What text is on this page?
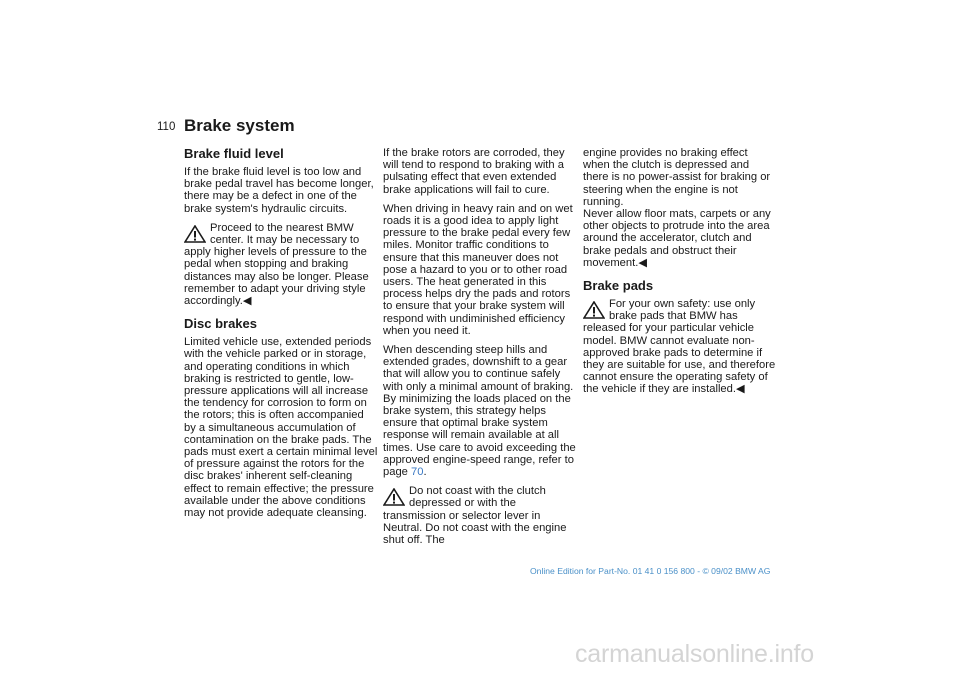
110 Brake system
Brake fluid level

If the brake fluid level is too low and brake pedal travel has become longer, there may be a defect in one of the brake system's hydraulic circuits.

Proceed to the nearest BMW center. It may be necessary to apply higher levels of pressure to the pedal when stopping and braking distances may also be longer. Please remember to adapt your driving style accordingly.◀
Disc brakes

Limited vehicle use, extended periods with the vehicle parked or in storage, and operating conditions in which braking is restricted to gentle, low-pressure applications will all increase the tendency for corrosion to form on the rotors; this is often accompanied by a simultaneous accumulation of contamination on the brake pads. The pads must exert a certain minimal level of pressure against the rotors for the disc brakes' inherent self-cleaning effect to remain effective; the pressure available under the above conditions may not provide adequate cleansing.

If the brake rotors are corroded, they will tend to respond to braking with a pulsating effect that even extended brake applications will fail to cure.

When driving in heavy rain and on wet roads it is a good idea to apply light pressure to the brake pedal every few miles. Monitor traffic conditions to ensure that this maneuver does not pose a hazard to you or to other road users. The heat generated in this process helps dry the pads and rotors to ensure that your brake system will respond with undiminished efficiency when you need it.

When descending steep hills and extended grades, downshift to a gear that will allow you to continue safely with only a minimal amount of braking. By minimizing the loads placed on the brake system, this strategy helps ensure that optimal brake system response will remain available at all times. Use care to avoid exceeding the approved engine-speed range, refer to page 70.

Do not coast with the clutch depressed or with the transmission or selector lever in Neutral. Do not coast with the engine shut off. The

engine provides no braking effect when the clutch is depressed and there is no power-assist for braking or steering when the engine is not running.

Never allow floor mats, carpets or any other objects to protrude into the area around the accelerator, clutch and brake pedals and obstruct their movement.◀

Brake pads
For your own safety: use only brake pads that BMW has released for your particular vehicle model. BMW cannot evaluate non-approved brake pads to determine if they are suitable for use, and therefore cannot ensure the operating safety of the vehicle if they are installed.◀
Online Edition for Part-No. 01 41 0 156 800 - © 09/02 BMW AG
carmanualsonline.info
